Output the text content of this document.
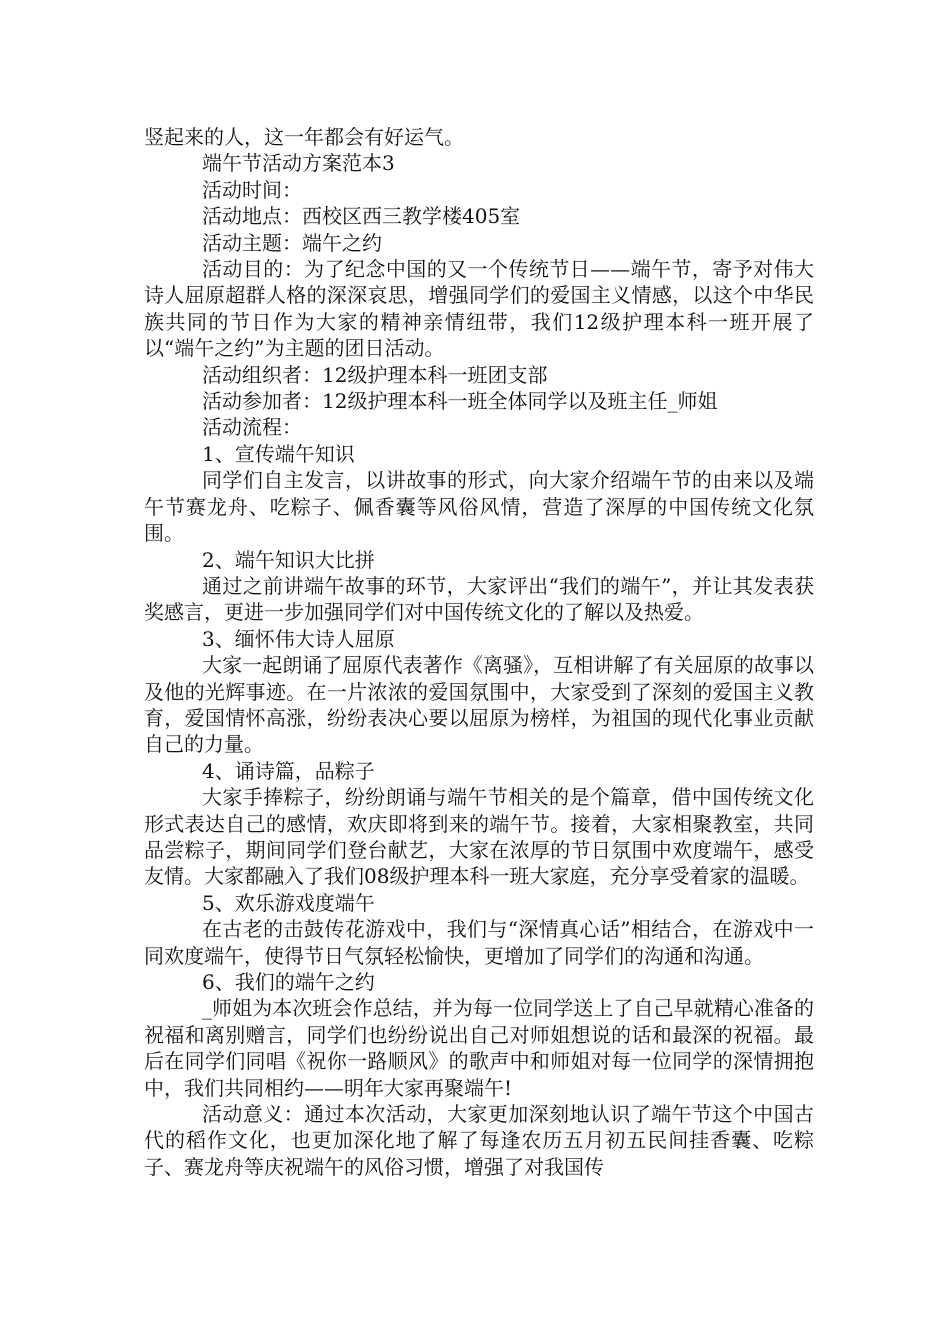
竖起来的人，这一年都会有好运气。

端午节活动方案范本3

活动时间：

活动地点：西校区西三教学楼405室

活动主题：端午之约

活动目的：为了纪念中国的又一个传统节日——端午节，寄予对伟大诗人屈原超群人格的深深哀思，增强同学们的爱国主义情感，以这个中华民族共同的节日作为大家的精神亲情纽带，我们12级护理本科一班开展了以“端午之约”为主题的团日活动。

活动组织者：12级护理本科一班团支部

活动参加者：12级护理本科一班全体同学以及班主任_师姐

活动流程：

1、宣传端午知识

同学们自主发言，以讲故事的形式，向大家介绍端午节的由来以及端午节赛龙舟、吃粽子、佩香囊等风俗风情，营造了深厚的中国传统文化氛围。

2、端午知识大比拼

通过之前讲端午故事的环节，大家评出“我们的端午”，并让其发表获奖感言，更进一步加强同学们对中国传统文化的了解以及热爱。

3、缅怀伟大诗人屈原

大家一起朗诵了屈原代表著作《离骚》，互相讲解了有关屈原的故事以及他的光辉事迹。在一片浓浓的爱国氛围中，大家受到了深刻的爱国主义教育，爱国情怀高涨，纷纷表决心要以屈原为榜样，为祖国的现代化事业贡献自己的力量。

4、诵诗篇，品粽子

大家手捧粽子，纷纷朗诵与端午节相关的是个篇章，借中国传统文化形式表达自己的感情，欢庆即将到来的端午节。接着，大家相聚教室，共同品尝粽子，期间同学们登台献艺，大家在浓厚的节日氛围中欢度端午，感受友情。大家都融入了我们08级护理本科一班大家庭，充分享受着家的温暖。

5、欢乐游戏度端午

在古老的击鼓传花游戏中，我们与“深情真心话”相结合，在游戏中一同欢度端午，使得节日气氛轻松愉快，更增加了同学们的沟通和沟通。

6、我们的端午之约

_师姐为本次班会作总结，并为每一位同学送上了自己早就精心准备的祝福和离别赠言，同学们也纷纷说出自己对师姐想说的话和最深的祝福。最后在同学们同唱《祝你一路顺风》的歌声中和师姐对每一位同学的深情拥抱中，我们共同相约——明年大家再聚端午!

活动意义：通过本次活动，大家更加深刻地认识了端午节这个中国古代的稻作文化，也更加深化地了解了每逢农历五月初五民间挂香囊、吃粽子、赛龙舟等庆祝端午的风俗习惯，增强了对我国传
